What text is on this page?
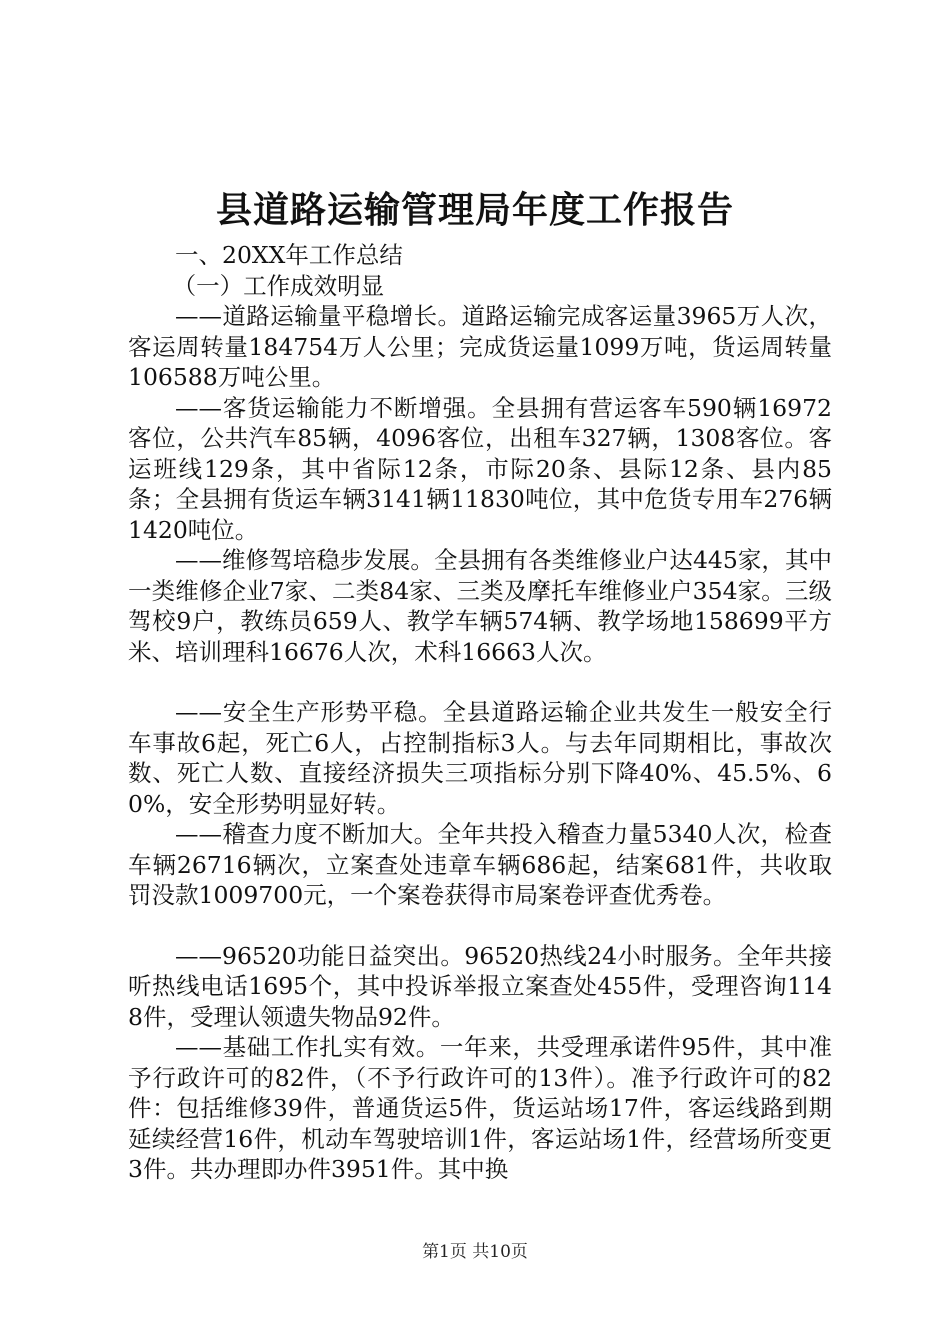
县道路运输管理局年度工作报告

一、20XX年工作总结

（一）工作成效明显

——道路运输量平稳增长。道路运输完成客运量3965万人次，客运周转量184754万人公里；完成货运量1099万吨，货运周转量106588万吨公里。

——客货运输能力不断增强。全县拥有营运客车590辆16972客位，公共汽车85辆，4096客位，出租车327辆，1308客位。客运班线129条，其中省际12条，市际20条、县际12条、县内85条；全县拥有货运车辆3141辆11830吨位，其中危货专用车276辆1420吨位。

——维修驾培稳步发展。全县拥有各类维修业户达445家，其中一类维修企业7家、二类84家、三类及摩托车维修业户354家。三级驾校9户，教练员659人、教学车辆574辆、教学场地158699平方米、培训理科16676人次，术科16663人次。

——安全生产形势平稳。全县道路运输企业共发生一般安全行车事故6起，死亡6人，占控制指标3人。与去年同期相比，事故次数、死亡人数、直接经济损失三项指标分别下降40%、45.5%、60%，安全形势明显好转。

——稽查力度不断加大。全年共投入稽查力量5340人次，检查车辆26716辆次，立案查处违章车辆686起，结案681件，共收取罚没款1009700元，一个案卷获得市局案卷评查优秀卷。

——96520功能日益突出。96520热线24小时服务。全年共接听热线电话1695个，其中投诉举报立案查处455件，受理咨询1148件，受理认领遗失物品92件。

——基础工作扎实有效。一年来，共受理承诺件95件，其中准予行政许可的82件，（不予行政许可的13件）。准予行政许可的82件：包括维修39件，普通货运5件，货运站场17件，客运线路到期延续经营16件，机动车驾驶培训1件，客运站场1件，经营场所变更3件。共办理即办件3951件。其中换

第1页 共10页
